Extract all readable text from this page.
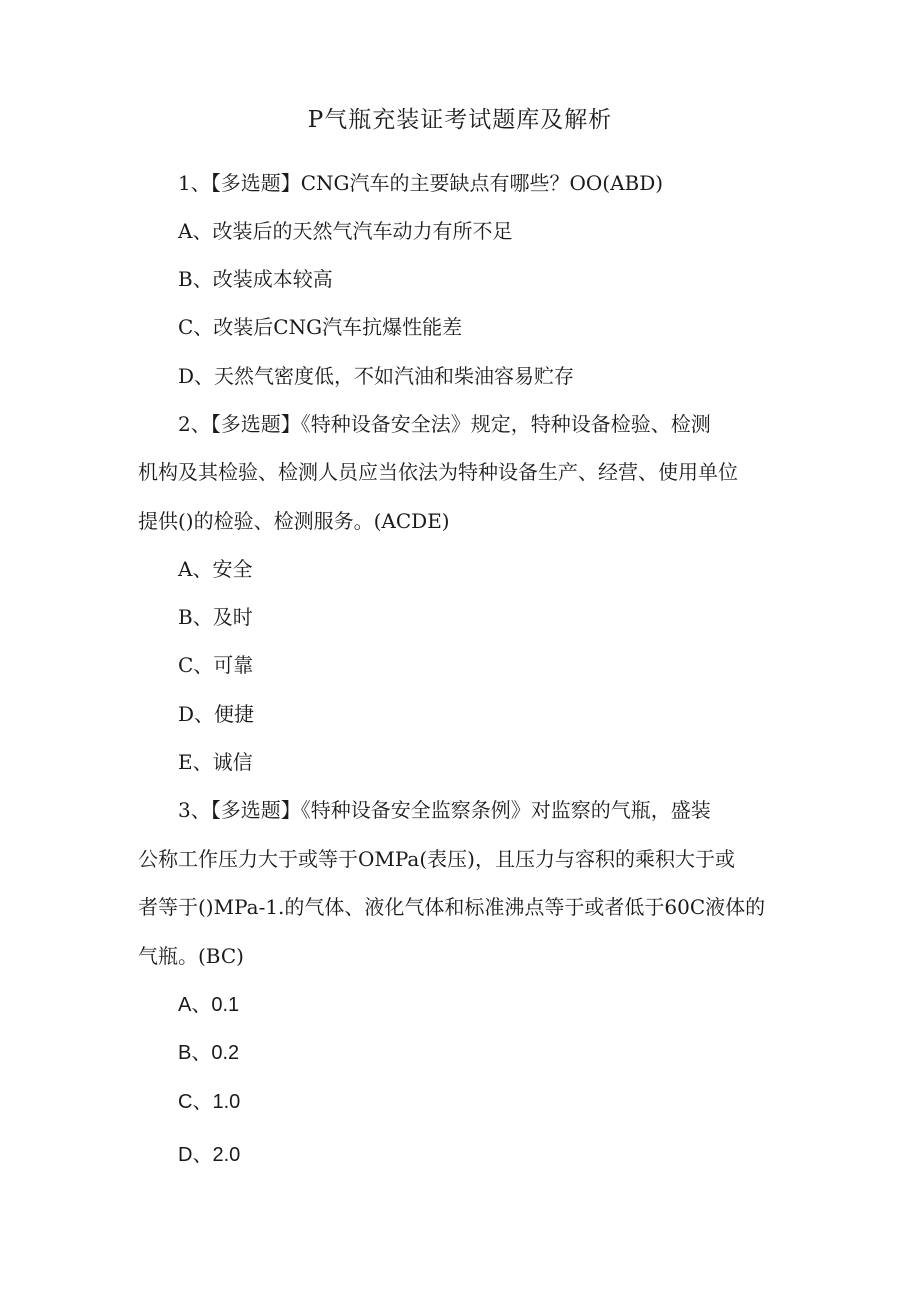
P气瓶充装证考试题库及解析
1、【多选题】CNG汽车的主要缺点有哪些？OO(ABD)
A、改装后的天然气汽车动力有所不足
B、改装成本较高
C、改装后CNG汽车抗爆性能差
D、天然气密度低，不如汽油和柴油容易贮存
2、【多选题】《特种设备安全法》规定，特种设备检验、检测
机构及其检验、检测人员应当依法为特种设备生产、经营、使用单位
提供()的检验、检测服务。(ACDE)
A、安全
B、及时
C、可靠
D、便捷
E、诚信
3、【多选题】《特种设备安全监察条例》对监察的气瓶，盛装
公称工作压力大于或等于OMPa(表压)，且压力与容积的乘积大于或
者等于()MPa-1.的气体、液化气体和标准沸点等于或者低于60C液体的
气瓶。(BC)
A、0.1
B、0.2
C、1.0
D、2.0
